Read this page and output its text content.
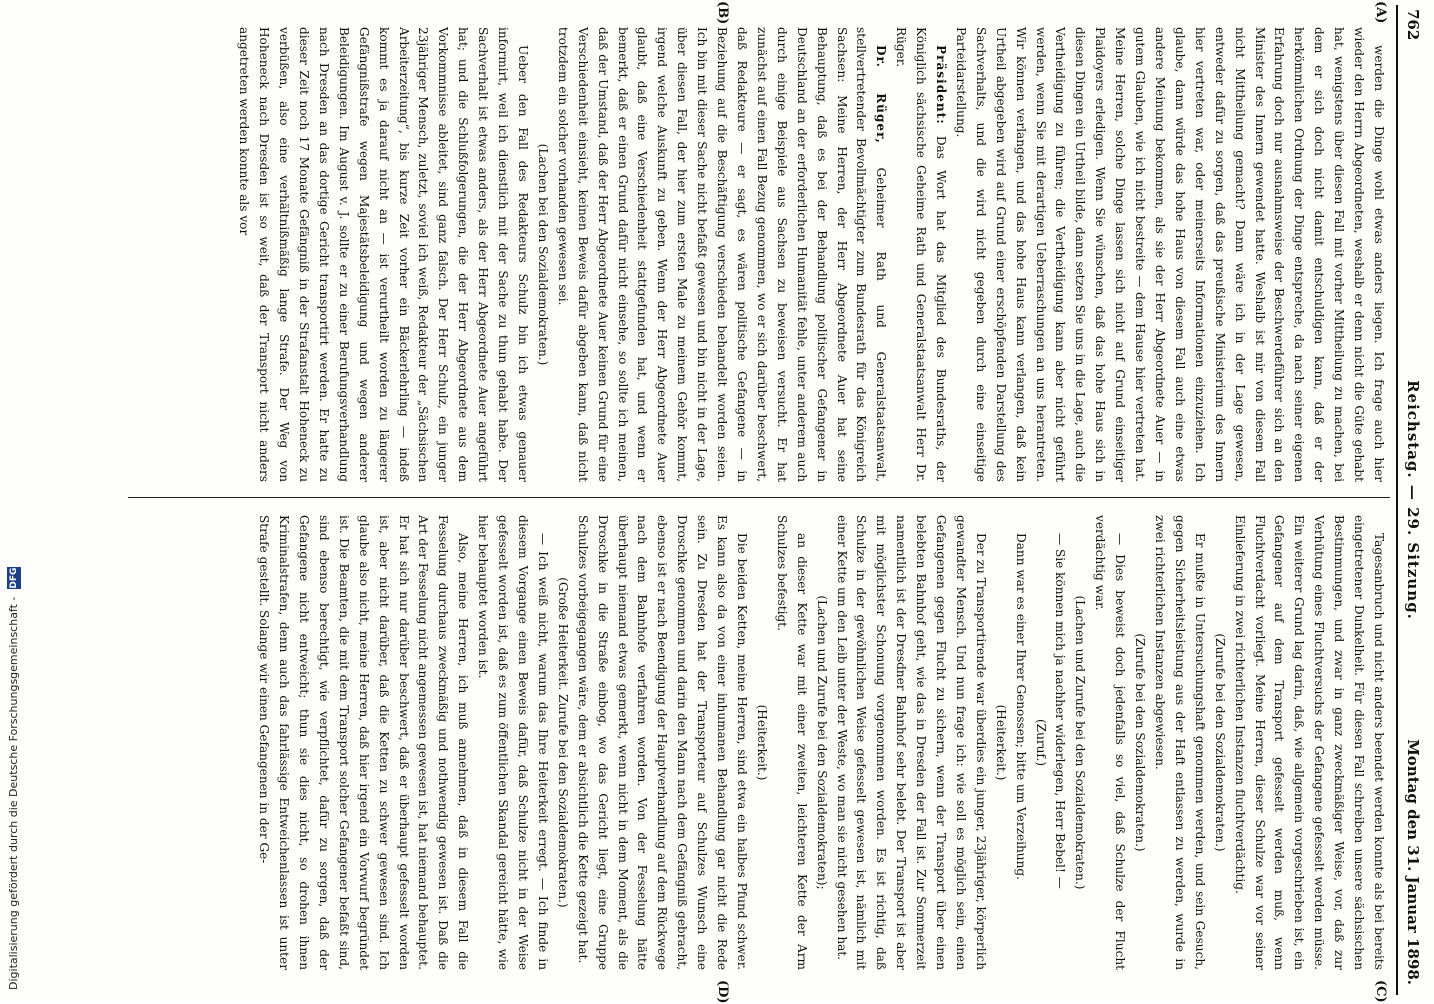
762
Reichstag. — 29. Sitzung.
Montag den 31. Januar 1898.
(A)
(B)
(C)
(D)

werden die Dinge wohl etwas anders liegen. Ich frage auch hier wieder den Herrn Abgeordneten, weshalb er denn nicht die Güte gehabt hat, wenigstens über diesen Fall mit vorher Mittheilung zu machen, bei dem er sich doch nicht damit entschuldigen kann, daß er der herkömmlichen Ordnung der Dinge entspreche, da nach seiner eigenen Erfahrung doch nur ausnahmsweise der Beschwerdeführer sich an den Minister des Innern gewendet hatte. Weshalb ist mir von diesem Fall nicht Mittheilung gemacht? Dann wäre ich in der Lage gewesen, entweder dafür zu sorgen, daß das preußische Ministerium des Innern hier vertreten war, oder meinerseits Informationen einzuziehen. Ich glaube, dann würde das hohe Haus von diesem Fall auch eine etwas andere Meinung bekommen, als sie der Herr Abgeordnete Auer — in gutem Glauben, wie ich nicht bestreite — dem Hause hier vertreten hat. Meine Herren, solche Dinge lassen sich nicht auf Grund einseitiger Plaidoyers erledigen. Wenn Sie wünschen, daß das hohe Haus sich in diesen Dingen ein Urtheil bilde, dann setzen Sie uns in die Lage, auch die Vertheidigung zu führen; die Vertheidigung kann aber nicht geführt werden, wenn Sie mit derartigen Ueberraschungen an uns herantreten. Wir können verlangen, und das hohe Haus kann verlangen, daß kein Urtheil abgegeben wird auf Grund einer erschöpfenden Darstellung des Sachverhalts, und die wird nicht gegeben durch eine einseitige Parteidarstellung.

Präsident: Das Wort hat das Mitglied des Bundesraths, der Königlich sächsische Geheime Rath und Generalstaatsanwalt Herr Dr. Rüger.

Dr. Rüger, Geheimer Rath und Generalstaatsanwalt, stellvertretender Bevollmächtigter zum Bundesrath für das Königreich Sachsen: Meine Herren, der Herr Abgeordnete Auer hat seine Behauptung, daß es bei der Behandlung politischer Gefangener in Deutschland an der erforderlichen Humanität fehle, unter anderem auch durch einige Beispiele aus Sachsen zu beweisen versucht. Er hat zunächst auf einen Fall Bezug genommen, wo er sich darüber beschwert, daß Redakteure — er sagt, es wären politische Gefangene — in Beziehung auf die Beschäftigung verschieden behandelt worden seien. Ich bin mit dieser Sache nicht befaßt gewesen und bin nicht in der Lage, über diesen Fall, der hier zum ersten Male zu meinem Gehör kommt, irgend welche Auskunft zu geben. Wenn der Herr Abgeordnete Auer glaubt, daß eine Verschiedenheit stattgefunden hat, und wenn er bemerkt, daß er einen Grund dafür nicht einsehe, so sollte ich meinen, daß der Umstand, daß der Herr Abgeordnete Auer keinen Grund für eine Verschiedenheit einsieht, keinen Beweis dafür abgeben kann, daß nicht trotzdem ein solcher vorhanden gewesen sei.

(Lachen bei den Sozialdemokraten.)

Ueber den Fall des Redakteurs Schulz bin ich etwas genauer informirt, weil ich dienstlich mit der Sache zu thun gehabt habe. Der Sachverhalt ist etwas anders, als der Herr Abgeordnete Auer angeführt hat; und die Schlußfolgerungen, die der Herr Abgeordnete aus dem Vorkommnisse ableitet, sind ganz falsch. Der Herr Schulz, ein junger 23jähriger Mensch, zuletzt, soviel ich weiß, Redakteur der „Sächsischen Arbeiterzeitung“, bis kurze Zeit vorher ein Bäckerlehrling — indeß kommt es ja darauf nicht an — ist verurtheilt worden zu längerer Gefängnißstrafe wegen Majestätsbeleidigung und wegen anderer Beleidigungen. Im August v. J. sollte er zu einer Berufungsverhandlung nach Dresden an das dortige Gericht transportirt werden. Er hatte zu dieser Zeit noch 17 Monate Gefängniß in der Strafanstalt Hoheneck zu verbüßen, also eine verhältnißmäßig lange Strafe. Der Weg von Hoheneck nach Dresden ist so weit, daß der Transport nicht anders angetreten werden konnte als vor

Tagesanbruch und nicht anders beendet werden konnte als bei bereits eingetretener Dunkelheit. Für diesen Fall schreiben unsere sächsischen Bestimmungen, und zwar in ganz zweckmäßiger Weise, vor, daß zur Verhütung eines Fluchtversuchs der Gefangene gefesselt werden müsse. Ein weiterer Grund lag darin, daß, wie allgemein vorgeschrieben ist, ein Gefangener auf dem Transport gefesselt werden muß, wenn Fluchtverdacht vorliegt. Meine Herren, dieser Schulze war vor seiner Einlieferung in zwei richterlichen Instanzen fluchtverdächtig.

(Zurufe bei den Sozialdemokraten.)

Er mußte in Untersuchungshaft genommen werden, und sein Gesuch, gegen Sicherheitsleistung aus der Haft entlassen zu werden, wurde in zwei richterlichen Instanzen abgewiesen.

(Zurufe bei den Sozialdemokraten.)

— Dies beweist doch jedenfalls so viel, daß Schulze der Flucht verdächtig war.

(Lachen und Zurufe bei den Sozialdemokraten.)

— Sie können mich ja nachher widerlegen, Herr Bebel! —

(Zuruf.)

Dann war es einer Ihrer Genossen; bitte um Verzeihung.

(Heiterkeit.)

Der zu Transportirende war überdies ein junger, 23jähriger, körperlich gewandter Mensch. Und nun frage ich: wie soll es möglich sein, einen Gefangenen gegen Flucht zu sichern, wenn der Transport über einen belebten Bahnhof geht, wie das in Dresden der Fall ist. Zur Sommerzeit namentlich ist der Dresdner Bahnhof sehr belebt. Der Transport ist aber mit möglichster Schonung vorgenommen worden. Es ist richtig, daß Schulze in der gewöhnlichen Weise gefesselt gewesen ist, nämlich mit einer Kette um den Leib unter der Weste, wo man sie nicht gesehen hat.

(Lachen und Zurufe bei den Sozialdemokraten);

an dieser Kette war mit einer zweiten, leichteren Kette der Arm Schulzes befestigt.

(Heiterkeit.)

Die beiden Ketten, meine Herren, sind etwa ein halbes Pfund schwer. Es kann also da von einer inhumanen Behandlung gar nicht die Rede sein. Zu Dresden hat der Transporteur auf Schulzes Wunsch eine Droschke genommen und darin den Mann nach dem Gefängniß gebracht, ebenso ist er nach Beendigung der Hauptverhandlung auf dem Rückwege nach dem Bahnhofe verfahren worden. Von der Fesselung hätte überhaupt niemand etwas gemerkt, wenn nicht in dem Moment, als die Droschke in die Straße einbog, wo das Gericht liegt, eine Gruppe Schulzes vorbeigegangen wäre, dem er absichtlich die Kette gezeigt hat.

(Große Heiterkeit. Zurufe bei den Sozialdemokraten.)

— Ich weiß nicht, warum das Ihre Heiterkeit erregt. — Ich finde in diesem Vorgange einen Beweis dafür, daß Schulze nicht in der Weise gefesselt worden ist, daß es zum öffentlichen Skandal gereicht hätte, wie hier behauptet worden ist.

Also, meine Herren, ich muß annehmen, daß in diesem Fall die Fesselung durchaus zweckmäßig und nothwendig gewesen ist. Daß die Art der Fesselung nicht angemessen gewesen ist, hat niemand behauptet. Er hat sich nur darüber beschwert, daß er überhaupt gefesselt worden ist, aber nicht darüber, daß die Ketten zu schwer gewesen sind. Ich glaube also nicht, meine Herren, daß hier irgend ein Vorwurf begründet ist. Die Beamten, die mit dem Transport solcher Gefangener befaßt sind, sind ebenso berechtigt, wie verpflichtet, dafür zu sorgen, daß der Gefangene nicht entweicht; thun sie dies nicht, so drohen ihnen Kriminalstrafen, denn auch das fahrlässige Entweichenlassen ist unter Strafe gestellt. Solange wir einen Gefangenen in der Ge-

Digitalisierung gefördert durch die Deutsche Forschungsgemeinschaft - DFG
